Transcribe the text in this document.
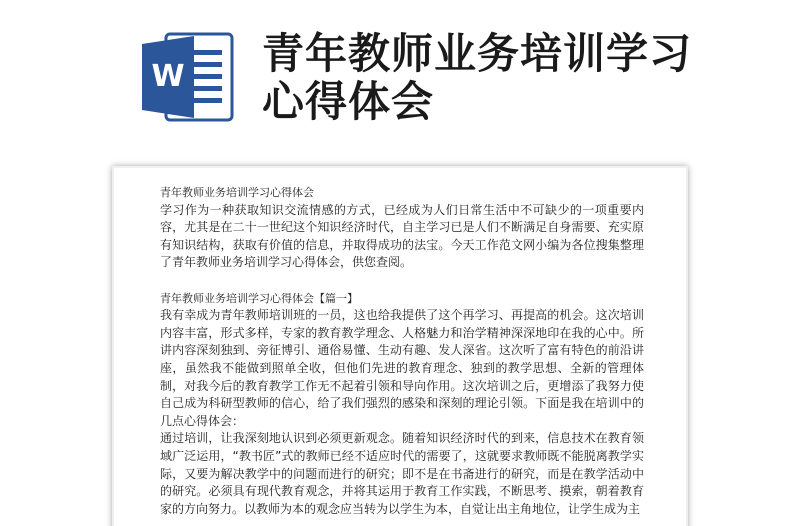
W 青年教师业务培训学习心得体会

青年教师业务培训学习心得体会

学习作为一种获取知识交流情感的方式，已经成为人们日常生活中不可缺少的一项重要内容，尤其是在二十一世纪这个知识经济时代，自主学习已是人们不断满足自身需要、充实原有知识结构，获取有价值的信息，并取得成功的法宝。今天工作范文网小编为各位搜集整理了青年教师业务培训学习心得体会，供您查阅。

青年教师业务培训学习心得体会【篇一】

我有幸成为青年教师培训班的一员，这也给我提供了这个再学习、再提高的机会。这次培训内容丰富，形式多样，专家的教育教学理念、人格魅力和治学精神深深地印在我的心中。所讲内容深刻独到、旁征博引、通俗易懂、生动有趣、发人深省。这次听了富有特色的前沿讲座，虽然我不能做到照单全收，但他们先进的教育理念、独到的教学思想、全新的管理体制，对我今后的教育教学工作无不起着引领和导向作用。这次培训之后，更增添了我努力使自己成为科研型教师的信心，给了我们强烈的感染和深刻的理论引领。下面是我在培训中的几点心得体会：

通过培训，让我深刻地认识到必须更新观念。随着知识经济时代的到来，信息技术在教育领域广泛运用，“教书匠”式的教师已经不适应时代的需要了，这就要求教师既不能脱离教学实际，又要为解决教学中的问题而进行的研究；即不是在书斋进行的研究，而是在教学活动中的研究。必须具有现代教育观念，并将其运用于教育工作实践，不断思考、摸索，朝着教育家的方向努力。以教师为本的观念应当转为以学生为本，自觉让出主角地位，让学生成为主
